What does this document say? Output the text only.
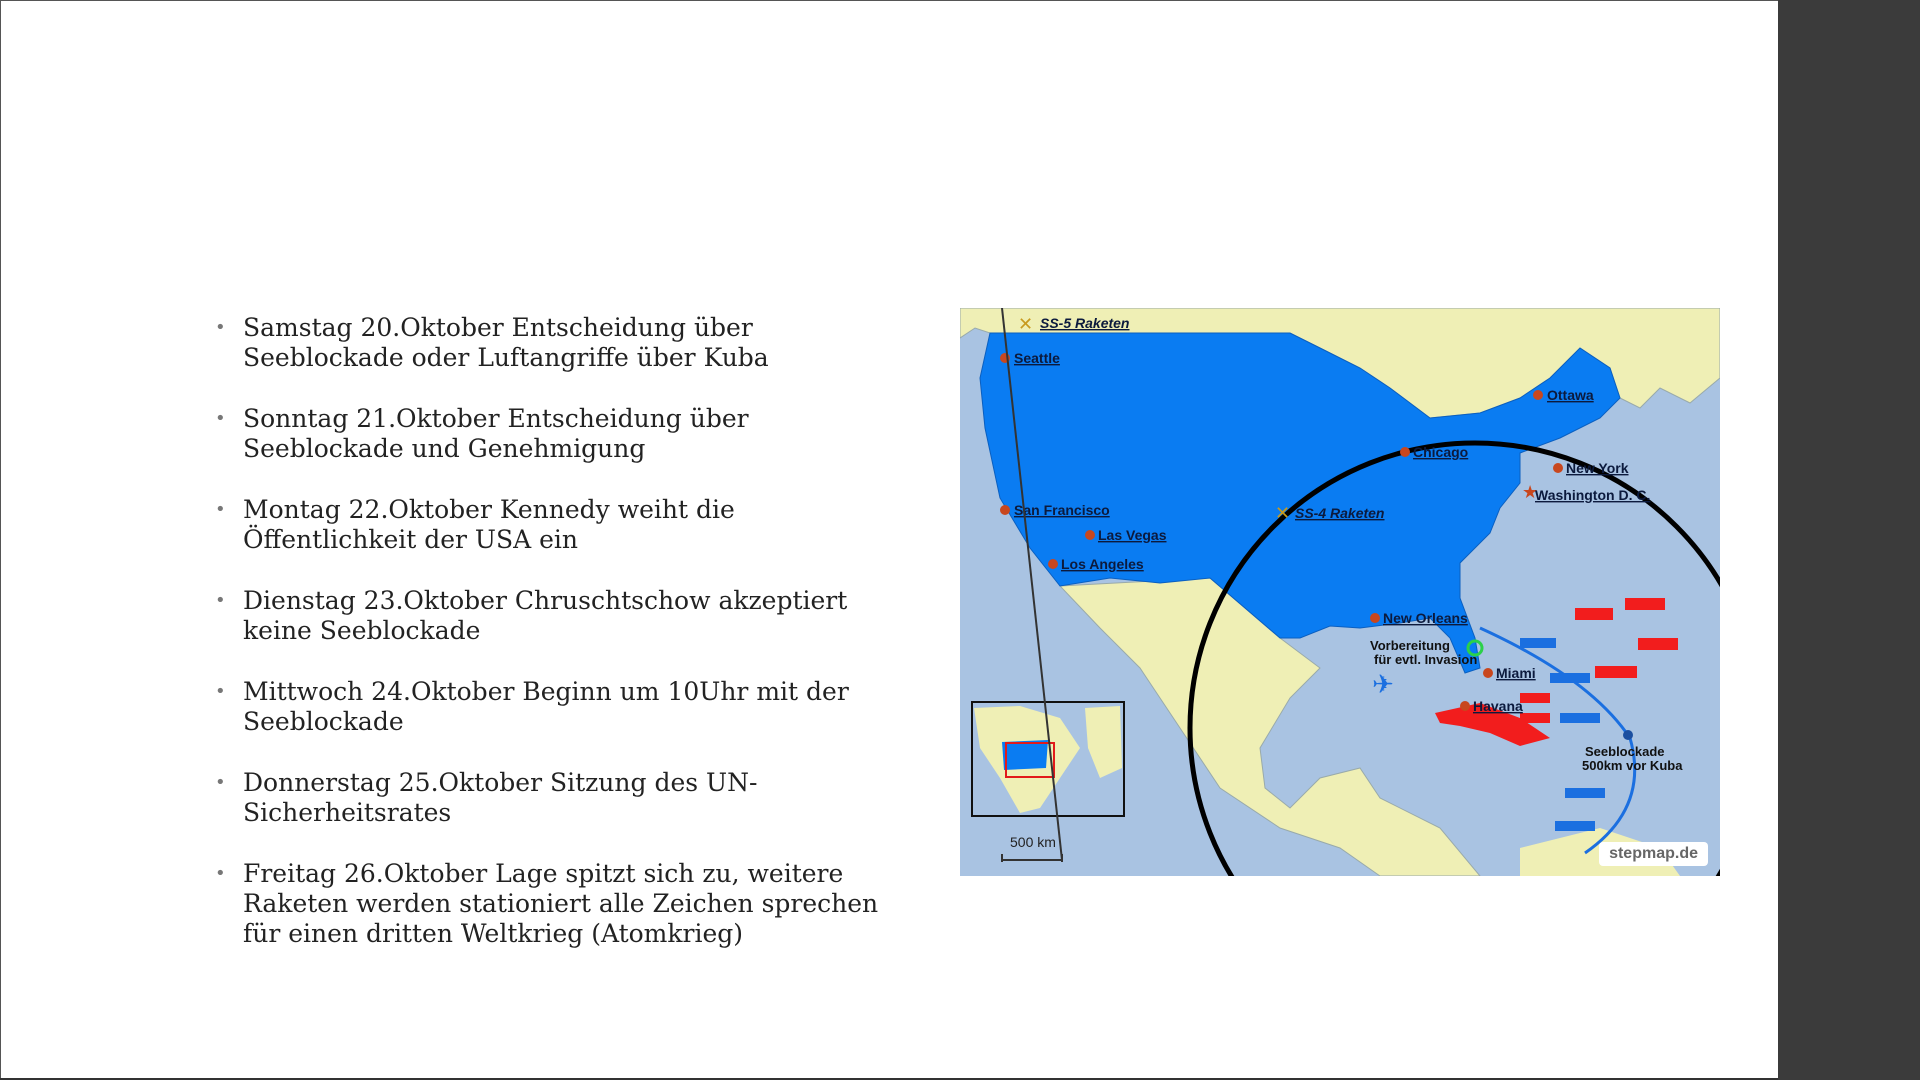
• Samstag 20.Oktober Entscheidung über
Seeblockade oder Luftangriffe über Kuba
• Sonntag 21.Oktober Entscheidung über
Seeblockade und Genehmigung
• Montag 22.Oktober Kennedy weiht die
Öffentlichkeit der USA ein
• Dienstag 23.Oktober Chruschtschow akzeptiert
keine Seeblockade
• Mittwoch 24.Oktober Beginn um 10Uhr mit der
Seeblockade
• Donnerstag 25.Oktober Sitzung des UN-
Sicherheitsrates
• Freitag 26.Oktober Lage spitzt sich zu, weitere
Raketen werden stationiert alle Zeichen sprechen
für einen dritten Weltkrieg (Atomkrieg)
✈
★
✕
✕
SS-5 Raketen
SS-4 Raketen
Seattle
Ottawa
Chicago
New York
Washington D. C.
San Francisco
Las Vegas
Los Angeles
New Orleans
Miami
Havana
Vorbereitung
für evtl. Invasion
Seeblockade
500km vor Kuba
500 km
stepmap.de
